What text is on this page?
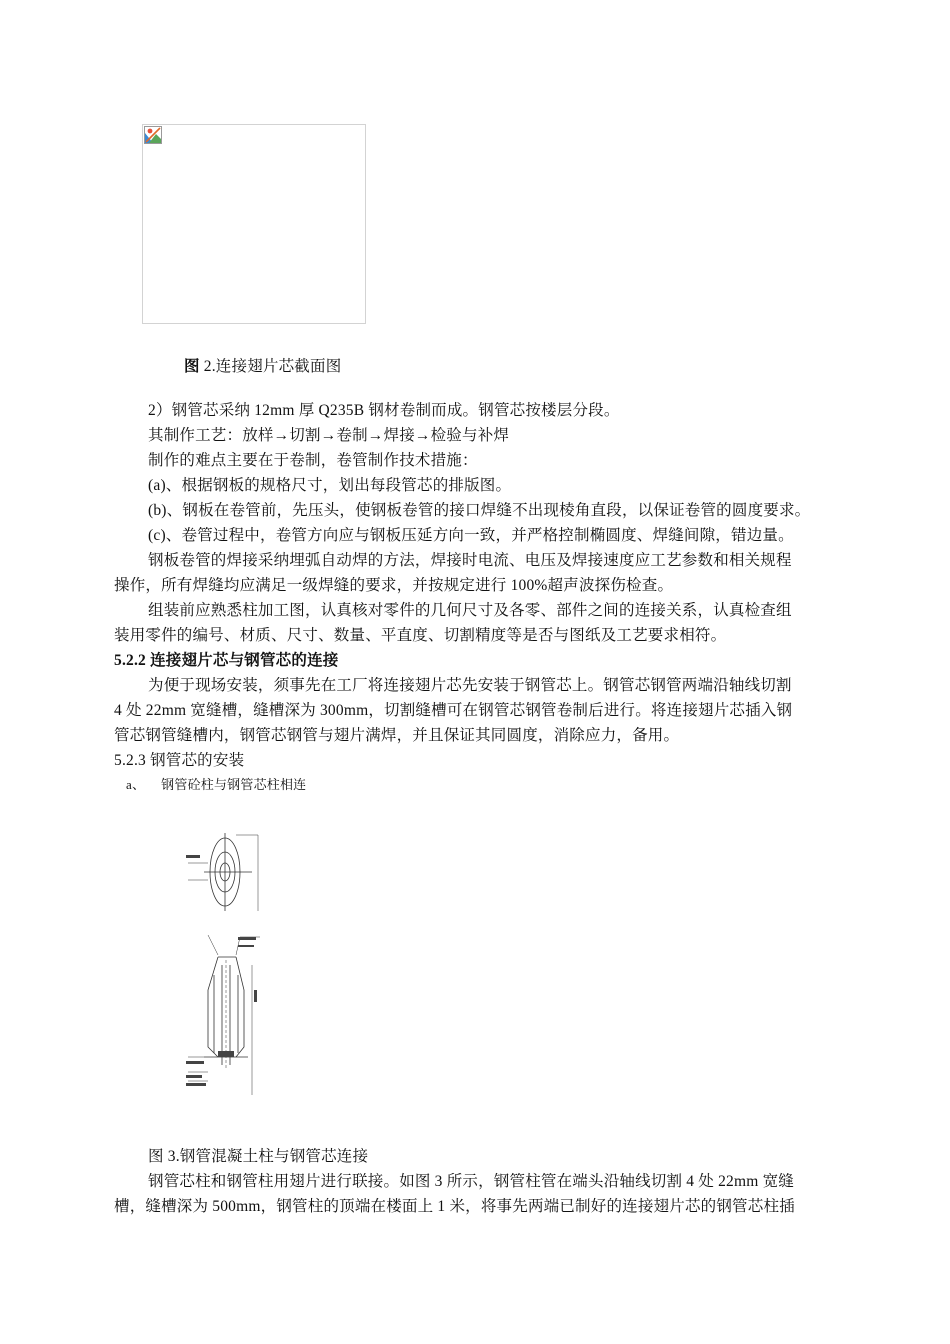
图 2.连接翅片芯截面图
2）钢管芯采纳 12mm 厚 Q235B 钢材卷制而成。钢管芯按楼层分段。
其制作工艺：放样→切割→卷制→焊接→检验与补焊
制作的难点主要在于卷制，卷管制作技术措施：
(a)、根据钢板的规格尺寸，划出每段管芯的排版图。
(b)、钢板在卷管前，先压头，使钢板卷管的接口焊缝不出现棱角直段，以保证卷管的圆度要求。
(c)、卷管过程中，卷管方向应与钢板压延方向一致，并严格控制椭圆度、焊缝间隙，错边量。
钢板卷管的焊接采纳埋弧自动焊的方法，焊接时电流、电压及焊接速度应工艺参数和相关规程
操作，所有焊缝均应满足一级焊缝的要求，并按规定进行 100%超声波探伤检查。
组装前应熟悉柱加工图，认真核对零件的几何尺寸及各零、部件之间的连接关系，认真检查组
装用零件的编号、材质、尺寸、数量、平直度、切割精度等是否与图纸及工艺要求相符。
5.2.2 连接翅片芯与钢管芯的连接
为便于现场安装，须事先在工厂将连接翅片芯先安装于钢管芯上。钢管芯钢管两端沿轴线切割
4 处 22mm 宽缝槽，缝槽深为 300mm，切割缝槽可在钢管芯钢管卷制后进行。将连接翅片芯插入钢
管芯钢管缝槽内，钢管芯钢管与翅片满焊，并且保证其同圆度，消除应力，备用。
5.2.3 钢管芯的安装
a、 钢管砼柱与钢管芯柱相连
图 3.钢管混凝土柱与钢管芯连接
钢管芯柱和钢管柱用翅片进行联接。如图 3 所示，钢管柱管在端头沿轴线切割 4 处 22mm 宽缝
槽，缝槽深为 500mm，钢管柱的顶端在楼面上 1 米，将事先两端已制好的连接翅片芯的钢管芯柱插
